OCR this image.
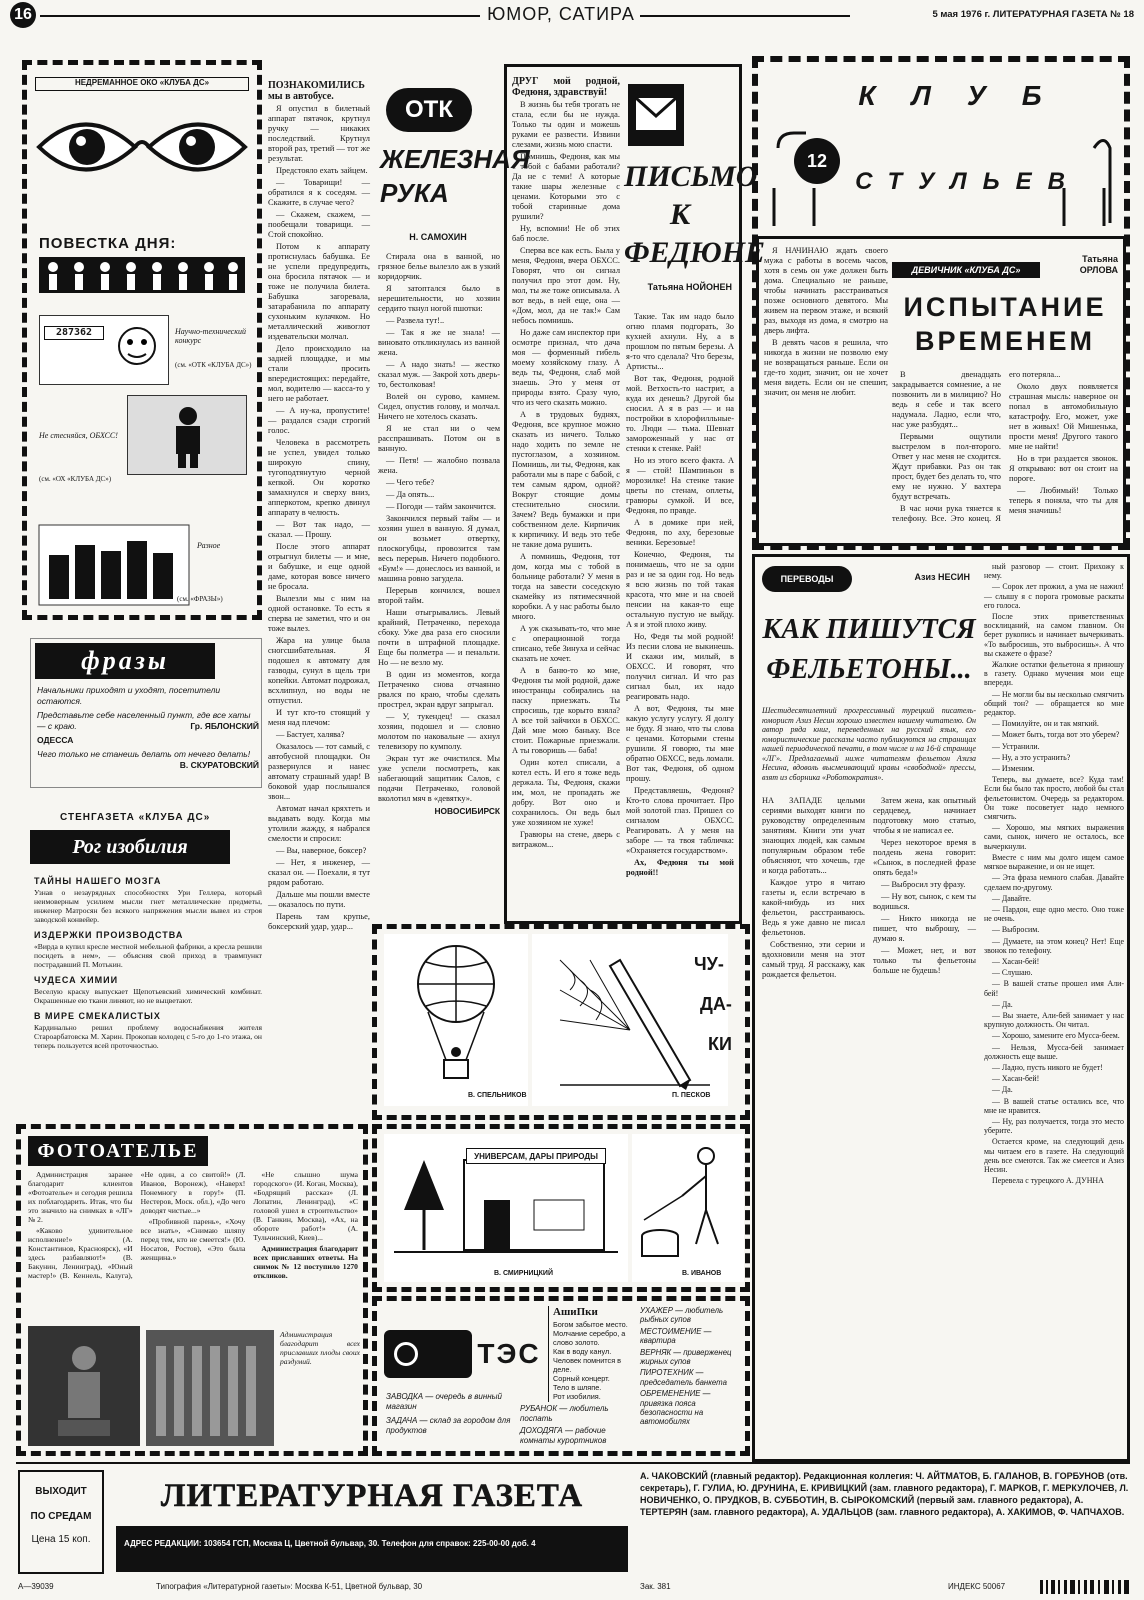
16	ЮМОР, САТИРА	5 мая 1976 г. ЛИТЕРАТУРНАЯ ГАЗЕТА № 18
НЕДРЕМАННОЕ ОКО «КЛУБА ДС»
ПОВЕСТКА ДНЯ:
287362	Научно-технический конкурс
(см. «ОТК «КЛУБА ДС»)
Не стесняйся, ОБХСС!
(см. «ОХ «КЛУБА ДС»)
Разное
(см. «ФРАЗЫ»)

ПОЗНАКОМИЛИСЬ мы в автобусе.

Я опустил в билетный аппарат пятачок, крутнул ручку — никаких последствий. Крутнул второй раз, третий — тот же результат.

Предстояло ехать зайцем.

— Товарищи! — обратился я к соседям. — Скажите, в случае чего?

— Скажем, скажем, — пообещали товарищи. — Стой спокойно.

Потом к аппарату протиснулась бабушка. Ее не успели предупредить, она бросила пятачок — и тоже не получила билета. Бабушка загоревала, затарабанила по аппарату сухоньким кулачком. Но металлический живоглот издевательски молчал.

Дело происходило на задней площадке, и мы стали просить впередистоящих: передайте, мол, водителю — касса-то у него не работает.

— А ну-ка, пропустите! — раздался сзади строгий голос.

Человека в рассмотреть не успел, увидел только широкую спину, тугоподтянутую черной кепкой. Он коротко замахнулся и сверху вниз, апперкотом, крепко двинул аппарату в челюсть.

— Вот так надо, — сказал. — Прошу.

После этого аппарат отрыгнул билеты — и мне, и бабушке, и еще одной даме, которая вовсе ничего не бросала.

Вылезли мы с ним на одной остановке. То есть я сперва не заметил, что и он тоже вылез.

Жара на улице была сногсшибательная. Я подошел к автомату для газводы, сунул в щель три копейки. Автомат подрожал, всхлипнул, но воды не отпустил.

И тут кто-то стоящий у меня над плечом:

— Бастует, халява?

Оказалось — тот самый, с автобусной площадки. Он развернулся и нанес автомату страшный удар! В боковой удар послышался звон...

Автомат начал кряхтеть и выдавать воду. Когда мы утолили жажду, я набрался смелости и спросил:

— Вы, наверное, боксер?

— Нет, я инженер, — сказал он. — Поехали, я тут рядом работаю.

Дальше мы пошли вместе — оказалось по пути.

Парень там крупье, боксерский удар, удар...

ОТК
ЖЕЛЕЗНАЯ РУКА
Н. САМОХИН

Стирала она в ванной, но грязное белье вылезло аж в узкий коридорчик.

Я затопталcя было в нерешительности, но хозяин сердито ткнул ногой пшотки:

— Развела тут!..

— Так я же не знала! — виновато откликнулась из ванной жена.

— А надо знать! — жестко сказал муж. — Закрой хоть дверь-то, бестолковая!

Волей он сурово, камнем. Сидел, опустив голову, и молчал. Ничего не хотелось сказать.

Я не стал ни о чем расспрашивать. Потом он в ванную.

— Петя! — жалобно позвала жена.

— Чего тебе?

— Да опять...

— Погоди — тайм закончится.

Закончился первый тайм — и хозяин ушел в ванную. Я думал, он возьмет отвертку, плоскогубцы, провозится там весь перерыв. Ничего подобного. «Бум!» — донеслось из ванной, и машина ровно загудела.

Перерыв кончился, вошел второй тайм.

Наши отыгрывались. Левый крайний, Петраченко, перехода сбоку. Уже два раза его сносили почти в штрафной площадке. Еще бы полметра — и пенальти. Но — не везло му.

В один из моментов, когда Петраченко снова отчаянно рвался по краю, чтобы сделать прострел, экран вдруг запрыгал.

— У, тукендец! — сказал хозяин, подошел и — словно молотом по наковальне — ахнул телевизору по кумполу.

Экран тут же очистился. Мы уже успели посмотреть, как набегающий защитник Салов, с подачи Петраченко, головой вколотил мяч в «девятку».

НОВОСИБИРСК

ДРУГ мой родной, Федюня, здравствуй!

В жизнь бы тебя трогать не стала, если бы не нужда. Только ты один и можешь руками ее развести. Извини слезами, жизнь мою спасти.

Помнишь, Федюня, как мы с тобой с бабами работали? Да не с теми! А которые такие шары железные с ценами. Которыми это с тобой старинные дома рушили?

Ну, вспомни! Не об этих баб после.

Сперва все как есть. Была у меня, Федюня, вчера ОБХСС. Говорят, что он сигнал получил про этот дом. Ну, мол, ты же тоже описывала. А вот ведь, в ней еще, она — «Дом, мол, да не так!» Сам небось помнишь.

Но даже сам инспектор при осмотре признал, что дача моя — форменный гибель моему хозяйскому глазу. А ведь ты, Федюня, слаб мой знаешь. Это у меня от природы взято. Сразу чую, что из чего сказать можно.

А в трудовых буднях, Федюня, все крупное можно сказать из ничего. Только надо ходить по земле не пустоглазом, а хозяином. Помнишь, ли ты, Федюня, как работали мы в паре с бабой, с тем самым ядром, одной? Вокруг стоящие домы стеснительно сносили. Зачем? Ведь бумажки и при собственном деле. Кирпичик к кирпичику. И ведь это тебе не такие дома рушить.

А помнишь, Федюня, тот дом, когда мы с тобой в больнице работали? У меня в тогда на завести соседскую скамейку из пятимесячной коробки. А у нас работы было много.

А уж сказывать-то, что мне с операционной тогда списано, тебе Зинуха и сейчас сказать не хочет.

А в баню-то ко мне, Федюня ты мой родной, даже иностранцы собирались на паску приезжать. Ты спросишь, где корыто взяла? А все той зайчихи в ОБХСС. Дай мне мою баньку. Все стоит. Пожарные приезжали. А ты говоришь — баба!

Один котел списали, а котел есть. И его я тоже ведь держала. Ты, Федюня, скажи им, мол, не пропадать же добру. Вот оно и сохранилось. Он ведь был уже хозяином не хуже!

Гравюры на стене, дверь с витражом...

ПИСЬМО К ФЕДЮНЕ
Татьяна НОЙОНЕН

Такие. Так им надо было огню пламя подгорать, Зо кухней ахнули. Ну, а в прошлом по пятым березы. А я-то что сделала? Что березы, Артисты...

Вот так, Федюня, родной мой. Ветхость-то настрит, а куда их денешь? Другой бы сносил. А я в раз — и на постройки в хлорофилльные-то. Люди — тьма. Шевнат замороженный у нас от стенки к стенке. Рай!

Но из этого всего факта. А я — стой! Шампиньон в морозилке! На стенке такие цветы по стенам, оплеты, гравюры сумкой. И все, Федюня, по правде.

А в домике при ней, Федюня, по аху, березовые веники. Березовые!

Конечно, Федюня, ты понимаешь, что не за одни раз и не за один год. Но ведь я всю жизнь по той такая красота, что мне и на своей пенсии на какая-то еще остальную пустую не выйду. А я и этой плохо живу.

Но, Федя ты мой родной! Из песни слова не выкинешь. И скажи им, милый, в ОБХСС. И говорят, что получил сигнал. И что раз сигнал был, их надо реагировать надо.

А вот, Федюня, ты мне какую услугу услугу. Я долгу не буду. Я знаю, что ты слова с ценами. Которыми стены рушили. Я говорю, ты мне обратно ОБХСС, ведь ломали. Вот так, Федюня, об одном прошу.

Представляешь, Федюня? Кто-то слова прочитает. Про мой золотой глаз. Пришел со сигналом ОБХСС. Реагировать. А у меня на заборе — та твоя табличка: «Охраняется государством».

Ах, Федюня ты мой родной!!

КЛУБ
12
СТУЛЬЕВ

Я НАЧИНАЮ ждать своего мужа с работы в восемь часов, хотя в семь он уже должен быть дома. Специально не раньше, чтобы начинать расстраиваться позже основного девятого. Мы живем на первом этаже, и всякий раз, выходя из дома, я смотрю на дверь лифта.

В девять часов я решила, что никогда в жизни не позволю ему не возвращаться раньше. Если он где-то ходит, значит, он не хочет меня видеть. Если он не спешит, значит, он меня не любит.

ДЕВИЧНИК «КЛУБА ДС»
Татьяна ОРЛОВА
ИСПЫТАНИЕ ВРЕМЕНЕМ

В двенадцать закрадывается сомнение, а не позвонить ли в милицию? Но ведь я себе и так всего надумала. Ладно, если что, нас уже разбудят...

Первыми ощутили выстрелом в пол-второго. Ответ у нас меня не сходится. Ждут прибавки. Раз он так прост, будет без делать то, что ему не нужно. У вахтера будут встречать.

В час ночи рука тянется к телефону. Все. Это конец. Я его потеряла...

Около двух появляется страшная мысль: наверное он попал в автомобильную катастрофу. Его, может, уже нет в живых! Ой Мишенька, прости меня! Другого такого мне не найти!

Но в три раздается звонок. Я открываю: вот он стоит на пороге.

— Любимый! Только теперь я поняла, что ты для меня значишь!

фразы
Начальники приходят и уходят, посетители остаются.
Представьте себе населенный пункт, где все хаты — с краю.	Гр. ЯБЛОНСКИЙ
ОДЕССА
Чего только не станешь делать от нечего делать!
В. СКУРАТОВСКИЙ
СТЕНГАЗЕТА «КЛУБА ДС»
Рог изобилия
ТАЙНЫ НАШЕГО МОЗГА
Узнав о незаурядных способностях Ури Геллера, который неимоверным усилием мысли гнет металлические предметы, инженер Матросян без всякого напряжения мысли вывел из строя заводской конвейер.
ИЗДЕРЖКИ ПРОИЗВОДСТВА
«Вирда в купил кресле местной мебельной фабрики, а кресла решили посидеть в нем», — объясняя свой приход в травмпункт пострадавший П. Мотькин.
ЧУДЕСА ХИМИИ
Веселую краску выпускает Щепотьевский химический комбинат. Окрашенные ею ткани линяют, но не выцветают.
В МИРЕ СМЕКАЛИСТЫХ
Кардинально решил проблему водоснабжения жителя Староарбатовска М. Харин. Прокопав колодец с 5-го до 1-го этажа, он теперь пользуется всей проточностью.
ПЕРЕВОДЫ	Азиз НЕСИН
КАК ПИШУТСЯ ФЕЛЬЕТОНЫ...
Шестидесятилетний прогрессивный турецкий писатель-юморист Азиз Несин хорошо известен нашему читателю. Он автор ряда книг, переведенных на русский язык, его юмористические рассказы часто публикуются на страницах нашей периодической печати, в том числе и на 16-й странице «ЛГ». Предлагаемый ниже читателям фельетон Азиза Несина, вдоволь высмеивающий нравы «свободной» прессы, взят из сборника «Роботократия».

НА ЗАПАДЕ целыми сериями выходят книги по руководству определенным занятиям. Книги эти учат знающих людей, как самым популярным образом тебе объясняют, что хочешь, где и когда работать...

Каждое утро я читаю газеты и, если встречаю в какой-нибудь из них фельетон, расстраиваюсь. Ведь я уже давно не писал фельетонов.

Собственно, эти серии и вдохновили меня на этот самый труд. Я расскажу, как рождается фельетон.

Затем жена, как опытный сердцевед, начинает подготовку мою статью, чтобы я не написал ее.

Через некоторое время в полдень жена говорит: «Сынок, в последней фразе опять беда!»

— Выбросил эту фразу.

— Ну вот, сынок, с кем ты водишься.

— Никто никогда не пишет, что выброшу, — думаю я.

— Может, нет, и вот только ты фельетоны больше не будешь!

ный разговор — стоит. Прихожу к нему.

— Сорок лет прожил, а ума не нажил! — слышу я с порога громовые раскаты его голоса.

После этих приветственных восклицаний, на самом главном. Он берет рукопись и начинает вычеркивать. «То выбросишь, это выбросишь». А что вы скажете о фразе?

Жалкие остатки фельетона я приношу в газету. Однако мучения мои еще впереди.

— Не могли бы вы несколько смягчить общий тон? — обращается ко мне редактор.

— Помилуйте, он и так мягкий.

— Может быть, тогда вот это уберем?

— Устранили.

— Ну, а это устранить?

— Изменим.

Теперь, вы думаете, все? Куда там! Если бы было так просто, любой бы стал фельетонистом. Очередь за редактором. Он тоже посоветует надо немного смягчить.

— Хорошо, мы мягких выражения сами, сынок, ничего не осталось, все вычеркнули.

Вместе с ним мы долго ищем самое мягкое выражение, и он не ищет.

— Эта фраза немного слабая. Давайте сделаем по-другому.

— Давайте.

— Пардон, еще одно место. Оно тоже не очень.

— Выбросим.

— Думаете, на этом конец? Нет! Еще звонок по телефону.

— Хасан-бей!

— Слушаю.

— В вашей статье прошел имя Али-бей!

— Да.

— Вы знаете, Али-бей занимает у нас крупную должность. Он читал.

— Хорошо, замените его Мусса-беем.

— Нельзя, Мусса-бей занимает должность еще выше.

— Ладно, пусть никого не будет!

— Хасан-бей!

— Да.

— В вашей статье остались все, что мне не нравится.

— Ну, раз получается, тогда это место уберите.

Остается кроме, на следующий день мы читаем его в газете. На следующий день все смеются. Так же смеется и Азиз Несин.

Перевела с турецкого А. ДУННА

В. СПЕЛЬНИКОВ	П. ПЕСКОВ
УНИВЕРСАМ, ДАРЫ ПРИРОДЫ
В. СМИРНИЦКИЙ	В. ИВАНОВ
ФОТОАТЕЛЬЕ

Администрация заранее благодарит клиентов «Фотоателье» и сегодня решила их поблагодарить. Итак, что бы это значило на снимках в «ЛГ» № 2.

«Каково удивительное исполнение!» (А. Константинов, Красноярск), «И здесь разбавляют!» (В. Бакунин, Ленинград), «Юный мастер!» (В. Кеннель, Калуга), «Не один, а со свитой!» (Л. Иванов, Воронеж), «Наверх! Понемногу в гору!» (П. Нестеров, Моск. обл.), «До чего доводят чистые...»

«Пробивной парень», «Хочу все знать», «Снимаю шляпу перед тем, кто не смеется!» (Ю. Носатов, Ростов), «Это была женщина.»

«Не слышно шума городского» (И. Коган, Москва), «Бодрящий рассказ» (Л. Лопатин, Ленинград), «С головой ушел в строительство» (В. Ганкин, Москва), «Ах, на обороте работ!» (А. Тульчинский, Киев)...

Администрация благодарит всех приславших ответы. На снимок № 12 поступило 1270 откликов.

Администрация благодарит всех приславших плоды своих раздумий.	ТЭС
ЗАВОДКА — очередь в винный магазин
ЗАДАЧА — склад за городом для продуктов
РУБАНОК — любитель поспать
ДОХОДЯГА — рабочие комнаты курортников
УХАЖЕР — любитель рыбных супов
МЕСТОИМЕНИЕ — квартира
ВЕРНЯК — приверженец жирных супов
ПИРОТЕХНИК — председатель банкета
ОБРЕМЕНЕНИЕ — привязка пояса безопасности на автомобилях
ЧУ-
ДА-
КИ
ВЫХОДИТ
ПО СРЕДАМ
Цена 15 коп.
ЛИТЕРАТУРНАЯ ГАЗЕТА
АДРЕС РЕДАКЦИИ: 103654 ГСП, Москва Ц, Цветной бульвар, 30. Телефон для справок: 225-00-00 доб. 4
А. ЧАКОВСКИЙ (главный редактор). Редакционная коллегия: Ч. АЙТМАТОВ, Б. ГАЛАНОВ, В. ГОРБУНОВ (отв. секретарь), Г. ГУЛИА, Ю. ДРУНИНА, Е. КРИВИЦКИЙ (зам. главного редактора), Г. МАРКОВ, Г. МЕРКУЛОЧЕВ, Л. НОВИЧЕНКО, О. ПРУДКОВ, В. СУББОТИН, В. СЫРОКОМСКИЙ (первый зам. главного редактора), А. ТЕРТЕРЯН (зам. главного редактора), А. УДАЛЬЦОВ (зам. главного редактора), А. ХАКИМОВ, Ф. ЧАПЧАХОВ.
А—39039	Типография «Литературной газеты»: Москва К-51, Цветной бульвар, 30	Зак. 381	ИНДЕКС 50067
АшиПки
Богом забытое место.
Молчание серебро, а слово золото.
Как в воду канул.
Человек помнится в деле.
Сорный концерт.
Тело в шляпе.
Рот изобилия.
